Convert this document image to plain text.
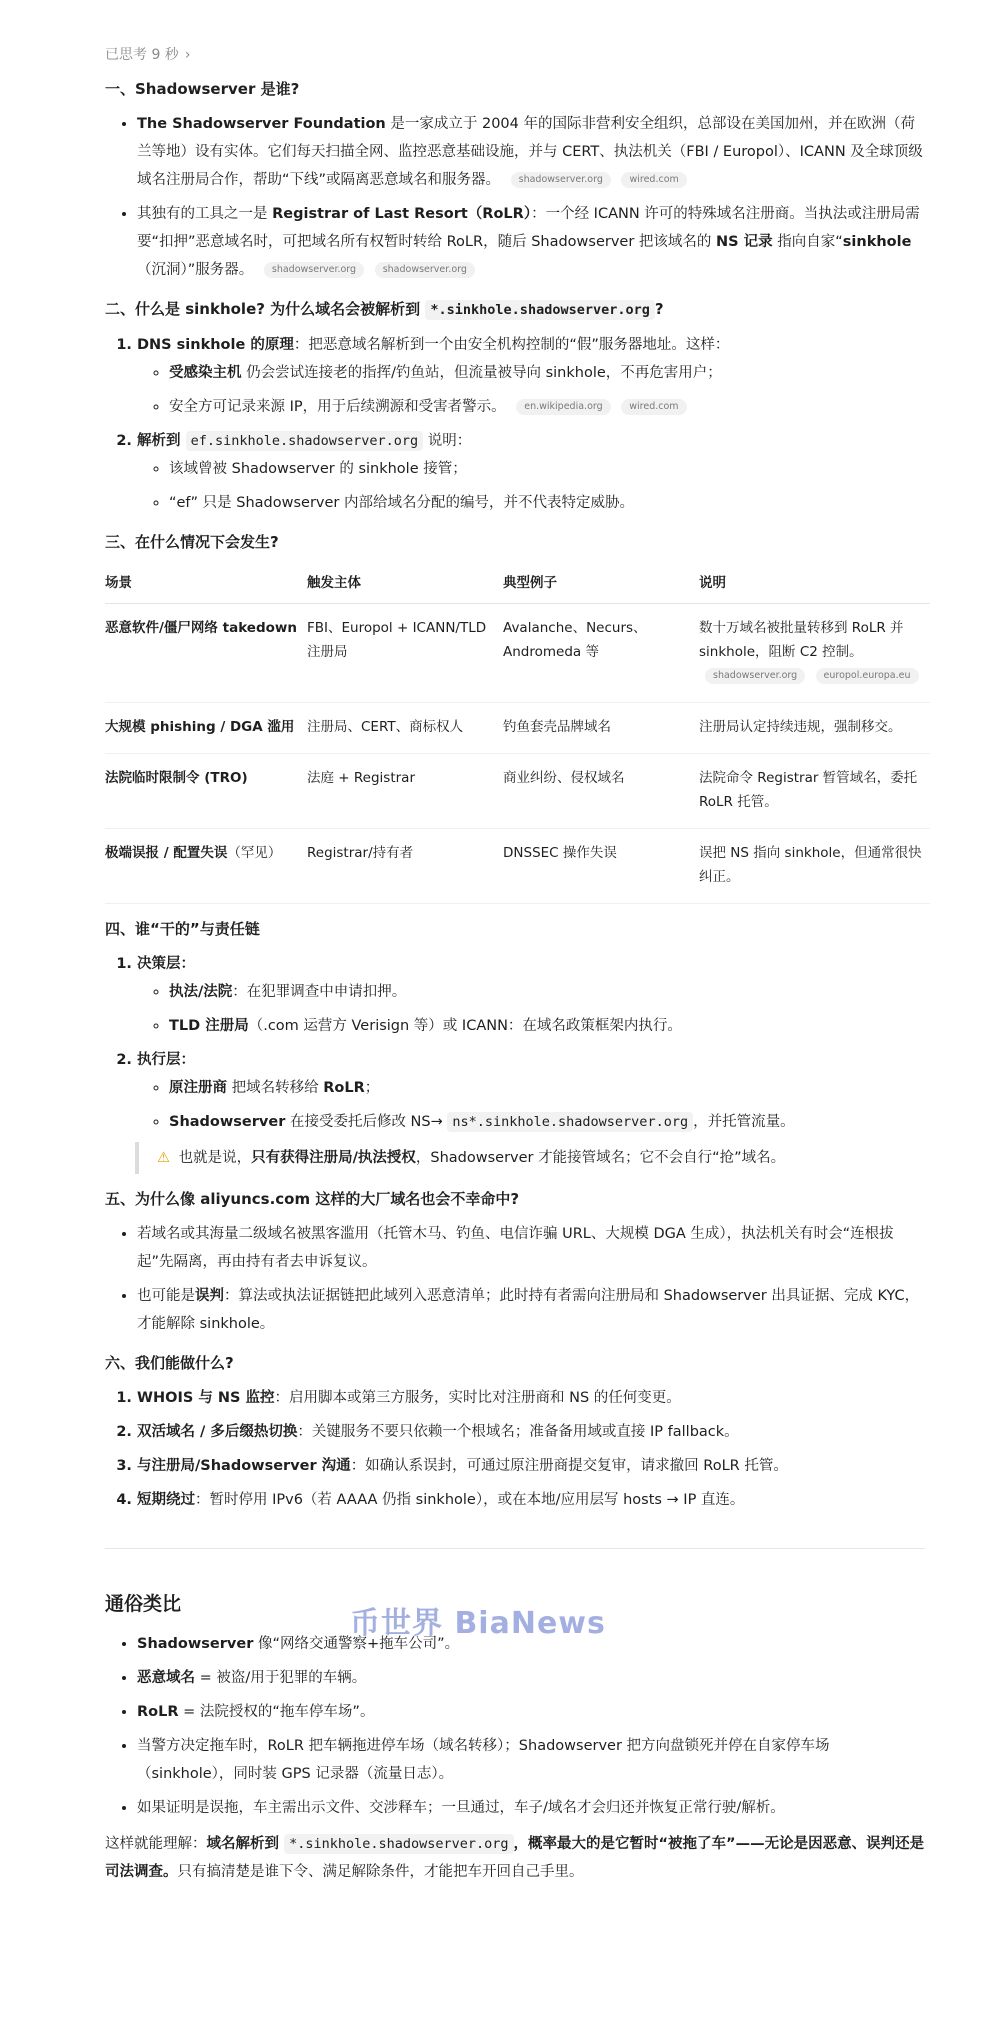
已思考 9 秒 ›
一、Shadowserver 是谁?
• The Shadowserver Foundation 是一家成立于 2004 年的国际非营利安全组织，总部设在美国加州，并在欧洲（荷兰等地）设有实体。它们每天扫描全网、监控恶意基础设施，并与 CERT、执法机关（FBI / Europol）、ICANN 及全球顶级域名注册局合作，帮助“下线”或隔离恶意域名和服务器。 shadowserver.org	wired.com
• 其独有的工具之一是 Registrar of Last Resort（RoLR）：一个经 ICANN 许可的特殊域名注册商。当执法或注册局需要“扣押”恶意域名时，可把域名所有权暂时转给 RoLR，随后 Shadowserver 把该域名的 NS 记录 指向自家“sinkhole（沉洞）”服务器。 shadowserver.org	shadowserver.org
二、什么是 sinkhole? 为什么域名会被解析到 *.sinkhole.shadowserver.org ?
1. DNS sinkhole 的原理：把恶意域名解析到一个由安全机构控制的“假”服务器地址。这样：
◦ 受感染主机 仍会尝试连接老的指挥/钓鱼站，但流量被导向 sinkhole，不再危害用户；
◦ 安全方可记录来源 IP，用于后续溯源和受害者警示。 en.wikipedia.org	wired.com
2. 解析到 ef.sinkhole.shadowserver.org 说明：
◦ 该域曾被 Shadowserver 的 sinkhole 接管；
◦ “ef” 只是 Shadowserver 内部给域名分配的编号，并不代表特定威胁。
三、在什么情况下会发生?
场景	触发主体	典型例子	说明
恶意软件/僵尸网络 takedown	FBI、Europol + ICANN/TLD 注册局	Avalanche、Necurs、Andromeda 等	数十万域名被批量转移到 RoLR 并 sinkhole，阻断 C2 控制。
shadowserver.org europol.europa.eu
大规模 phishing / DGA 滥用	注册局、CERT、商标权人	钓鱼套壳品牌域名	注册局认定持续违规，强制移交。
法院临时限制令 (TRO)	法庭 + Registrar	商业纠纷、侵权域名	法院命令 Registrar 暂管域名，委托 RoLR 托管。
极端误报 / 配置失误（罕见）	Registrar/持有者	DNSSEC 操作失误	误把 NS 指向 sinkhole，但通常很快纠正。
四、谁“干的”与责任链
1. 决策层：
◦ 执法/法院：在犯罪调查中申请扣押。
◦ TLD 注册局（.com 运营方 Verisign 等）或 ICANN：在域名政策框架内执行。
2. 执行层：
◦ 原注册商 把域名转移给 RoLR；
◦ Shadowserver 在接受委托后修改 NS→ ns*.sinkhole.shadowserver.org ，并托管流量。
⚠ 也就是说，只有获得注册局/执法授权，Shadowserver 才能接管域名；它不会自行“抢”域名。
五、为什么像 aliyuncs.com 这样的大厂域名也会不幸命中?
• 若域名或其海量二级域名被黑客滥用（托管木马、钓鱼、电信诈骗 URL、大规模 DGA 生成），执法机关有时会“连根拔起”先隔离，再由持有者去申诉复议。
• 也可能是误判：算法或执法证据链把此域列入恶意清单；此时持有者需向注册局和 Shadowserver 出具证据、完成 KYC，才能解除 sinkhole。
六、我们能做什么?
1. WHOIS 与 NS 监控：启用脚本或第三方服务，实时比对注册商和 NS 的任何变更。
2. 双活域名 / 多后缀热切换：关键服务不要只依赖一个根域名；准备备用域或直接 IP fallback。
3. 与注册局/Shadowserver 沟通：如确认系误封，可通过原注册商提交复审，请求撤回 RoLR 托管。
4. 短期绕过：暂时停用 IPv6（若 AAAA 仍指 sinkhole），或在本地/应用层写 hosts → IP 直连。
通俗类比
• Shadowserver 像“网络交通警察+拖车公司”。
• 恶意域名 = 被盗/用于犯罪的车辆。
• RoLR = 法院授权的“拖车停车场”。
• 当警方决定拖车时，RoLR 把车辆拖进停车场（域名转移）；Shadowserver 把方向盘锁死并停在自家停车场（sinkhole），同时装 GPS 记录器（流量日志）。
• 如果证明是误拖，车主需出示文件、交涉释车；一旦通过，车子/域名才会归还并恢复正常行驶/解析。

这样就能理解：域名解析到 *.sinkhole.shadowserver.org ，概率最大的是它暂时“被拖了车”——无论是因恶意、误判还是司法调查。只有搞清楚是谁下令、满足解除条件，才能把车开回自己手里。

币世界 BiaNews
